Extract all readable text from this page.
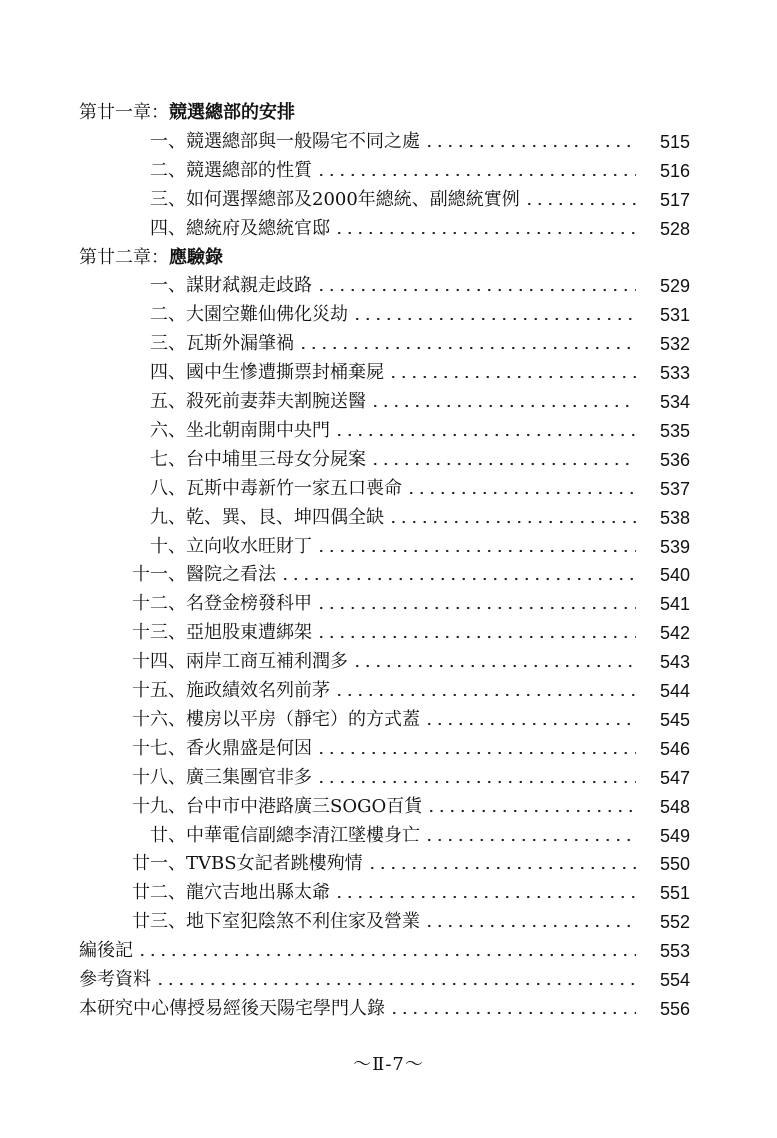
第廿一章： 競選總部的安排
一、 競選總部與一般陽宅不同之處	515
二、 競選總部的性質	516
三、 如何選擇總部及2000年總統、副總統實例	517
四、 總統府及總統官邸	528
第廿二章： 應驗錄
一、 謀財弒親走歧路	529
二、 大園空難仙佛化災劫	531
三、 瓦斯外漏肇禍	532
四、 國中生慘遭撕票封桶棄屍	533
五、 殺死前妻莽夫割腕送醫	534
六、 坐北朝南開中央門	535
七、 台中埔里三母女分屍案	536
八、 瓦斯中毒新竹一家五口喪命	537
九、 乾、巽、艮、坤四偶全缺	538
十、 立向收水旺財丁	539
十一、 醫院之看法	540
十二、 名登金榜發科甲	541
十三、 亞旭股東遭綁架	542
十四、 兩岸工商互補利潤多	543
十五、 施政績效名列前茅	544
十六、 樓房以平房（靜宅）的方式蓋	545
十七、 香火鼎盛是何因	546
十八、 廣三集團官非多	547
十九、 台中市中港路廣三SOGO百貨	548
廿、 中華電信副總李清江墜樓身亡	549
廿一、 TVBS女記者跳樓殉情	550
廿二、 龍穴吉地出縣太爺	551
廿三、 地下室犯陰煞不利住家及營業	552
編後記	553
參考資料	554
本研究中心傳授易經後天陽宅學門人錄	556
～Ⅱ-7～
